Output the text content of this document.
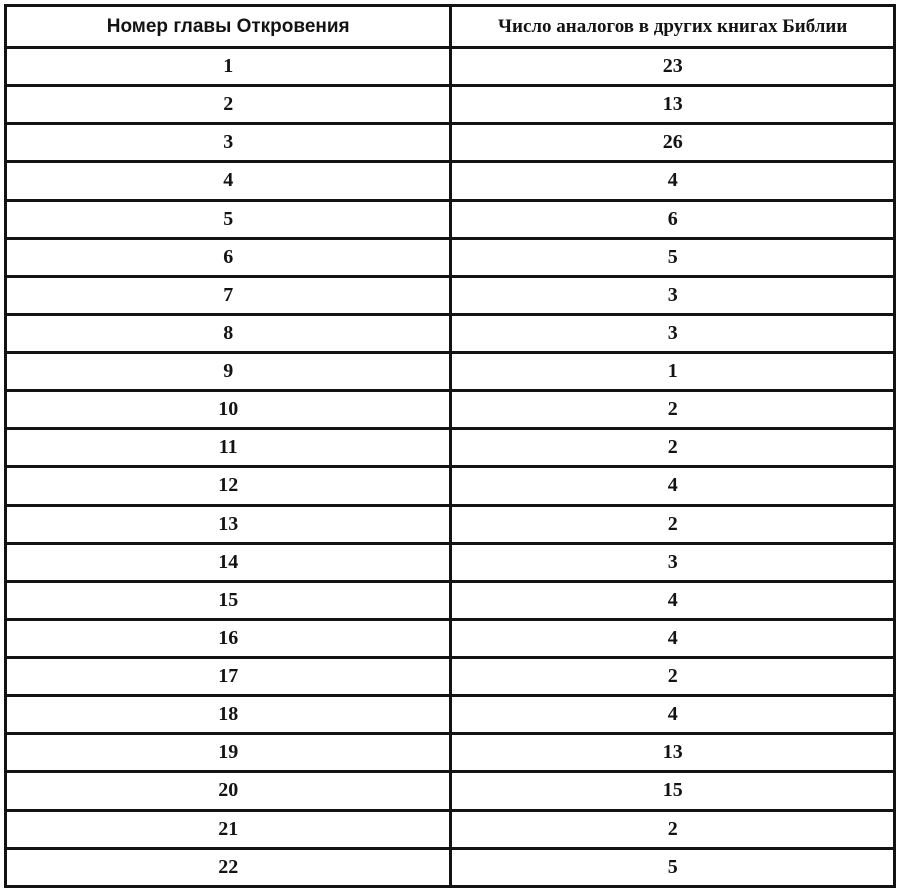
Номер главы Откровения	Число аналогов в других книгах Библии
1	23
2	13
3	26
4	4
5	6
6	5
7	3
8	3
9	1
10	2
11	2
12	4
13	2
14	3
15	4
16	4
17	2
18	4
19	13
20	15
21	2
22	5
